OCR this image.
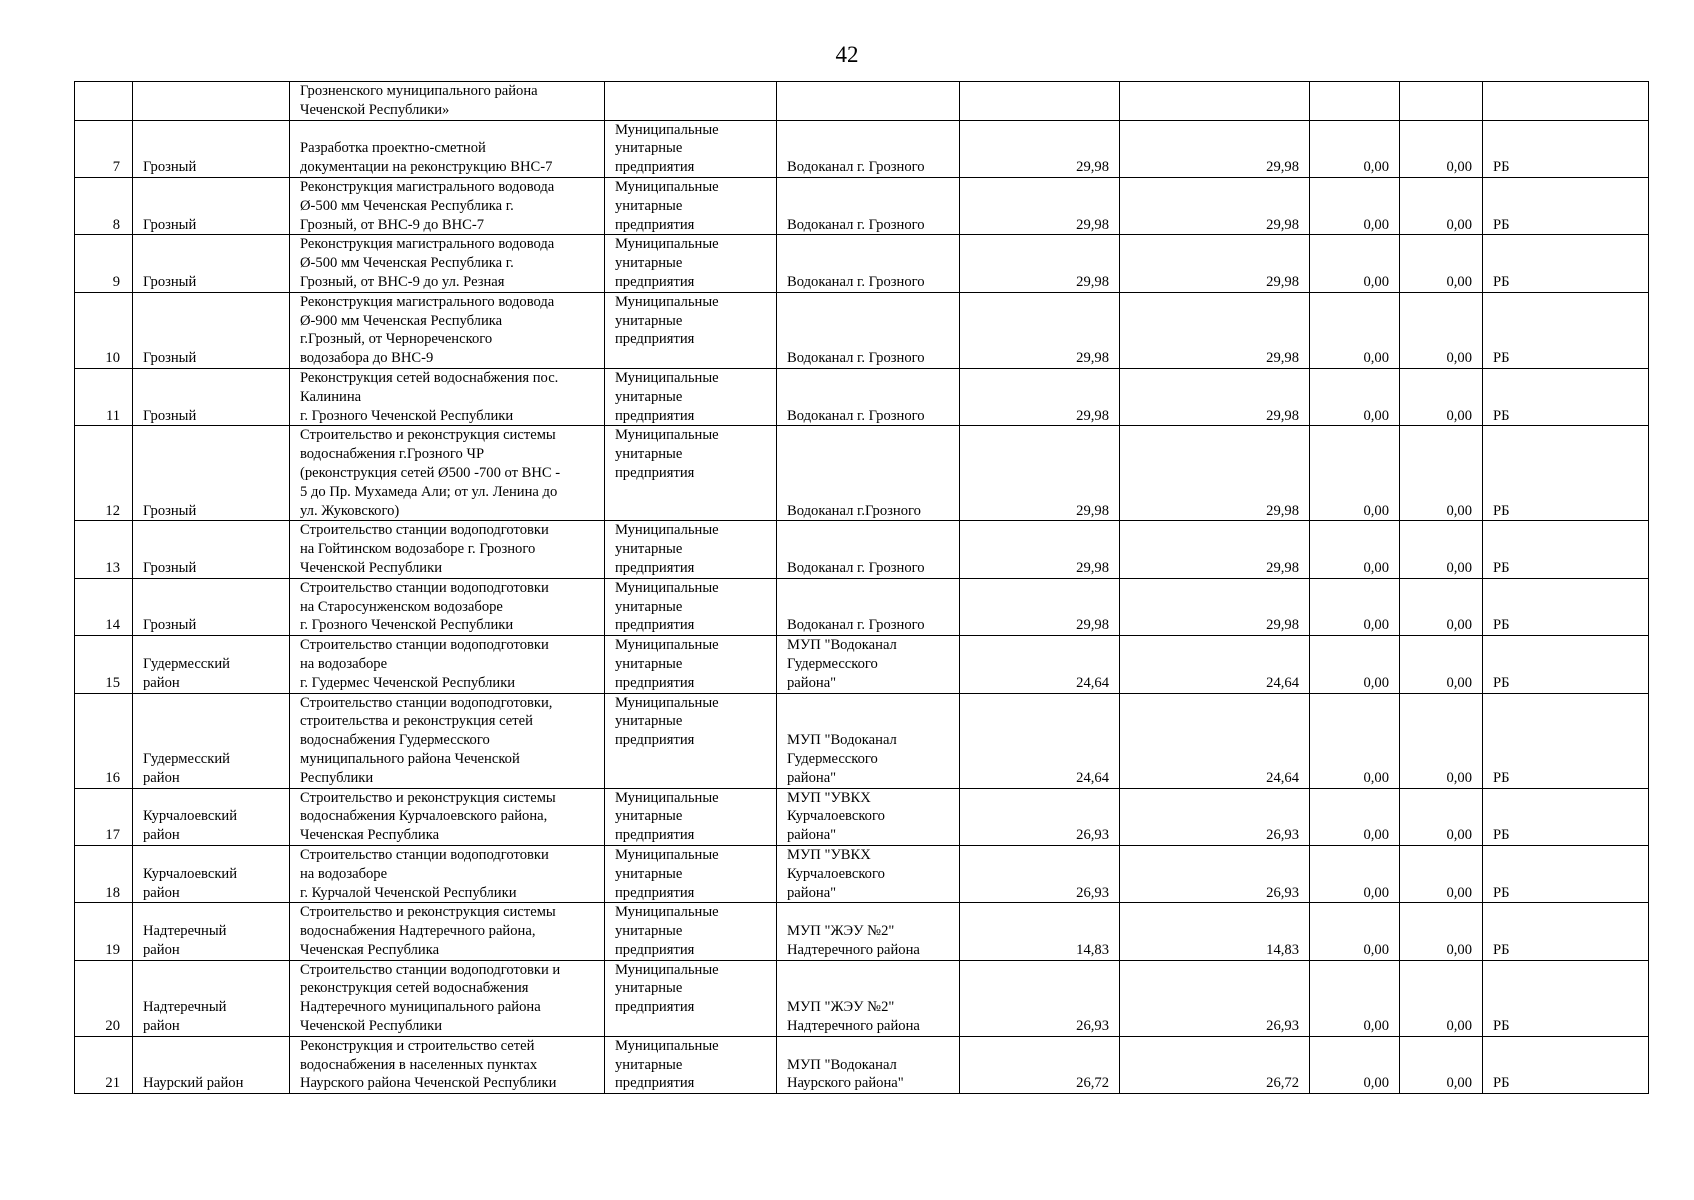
42
		Грозненского муниципального района
Чеченской Республики»							
7	Грозный	Разработка проектно-сметной
документации на реконструкцию ВНС-7	Муниципальные
унитарные
предприятия	Водоканал г. Грозного	29,98	29,98	0,00	0,00	РБ
8	Грозный	Реконструкция магистрального водовода
Ø-500 мм Чеченская Республика г.
Грозный, от ВНС-9 до ВНС-7	Муниципальные
унитарные
предприятия	Водоканал г. Грозного	29,98	29,98	0,00	0,00	РБ
9	Грозный	Реконструкция магистрального водовода
Ø-500 мм Чеченская Республика г.
Грозный, от ВНС-9 до ул. Резная	Муниципальные
унитарные
предприятия	Водоканал г. Грозного	29,98	29,98	0,00	0,00	РБ
10	Грозный	Реконструкция магистрального водовода
Ø-900 мм Чеченская Республика
г.Грозный, от Чернореченского
водозабора до ВНС-9	Муниципальные
унитарные
предприятия	Водоканал г. Грозного	29,98	29,98	0,00	0,00	РБ
11	Грозный	Реконструкция сетей водоснабжения пос.
Калинина
г. Грозного Чеченской Республики	Муниципальные
унитарные
предприятия	Водоканал г. Грозного	29,98	29,98	0,00	0,00	РБ
12	Грозный	Строительство и реконструкция системы
водоснабжения г.Грозного ЧР
(реконструкция сетей Ø500 -700 от ВНС -
5 до Пр. Мухамеда Али; от ул. Ленина до
ул. Жуковского)	Муниципальные
унитарные
предприятия	Водоканал г.Грозного	29,98	29,98	0,00	0,00	РБ
13	Грозный	Строительство станции водоподготовки
на Гойтинском водозаборе г. Грозного
Чеченской Республики	Муниципальные
унитарные
предприятия	Водоканал г. Грозного	29,98	29,98	0,00	0,00	РБ
14	Грозный	Строительство станции водоподготовки
на Старосунженском водозаборе
г. Грозного Чеченской Республики	Муниципальные
унитарные
предприятия	Водоканал г. Грозного	29,98	29,98	0,00	0,00	РБ
15	Гудермесский
район	Строительство станции водоподготовки
на водозаборе
г. Гудермес Чеченской Республики	Муниципальные
унитарные
предприятия	МУП "Водоканал
Гудермесского
района"	24,64	24,64	0,00	0,00	РБ
16	Гудермесский
район	Строительство станции водоподготовки,
строительства и реконструкция сетей
водоснабжения Гудермесского
муниципального района Чеченской
Республики	Муниципальные
унитарные
предприятия	МУП "Водоканал
Гудермесского
района"	24,64	24,64	0,00	0,00	РБ
17	Курчалоевский
район	Строительство и реконструкция системы
водоснабжения Курчалоевского района,
Чеченская Республика	Муниципальные
унитарные
предприятия	МУП "УВКХ
Курчалоевского
района"	26,93	26,93	0,00	0,00	РБ
18	Курчалоевский
район	Строительство станции водоподготовки
на водозаборе
г. Курчалой Чеченской Республики	Муниципальные
унитарные
предприятия	МУП "УВКХ
Курчалоевского
района"	26,93	26,93	0,00	0,00	РБ
19	Надтеречный
район	Строительство и реконструкция системы
водоснабжения Надтеречного района,
Чеченская Республика	Муниципальные
унитарные
предприятия	МУП "ЖЭУ №2"
Надтеречного района	14,83	14,83	0,00	0,00	РБ
20	Надтеречный
район	Строительство станции водоподготовки и
реконструкция сетей водоснабжения
Надтеречного муниципального района
Чеченской Республики	Муниципальные
унитарные
предприятия	МУП "ЖЭУ №2"
Надтеречного района	26,93	26,93	0,00	0,00	РБ
21	Наурский район	Реконструкция и строительство сетей
водоснабжения в населенных пунктах
Наурского района Чеченской Республики	Муниципальные
унитарные
предприятия	МУП "Водоканал
Наурского района"	26,72	26,72	0,00	0,00	РБ
